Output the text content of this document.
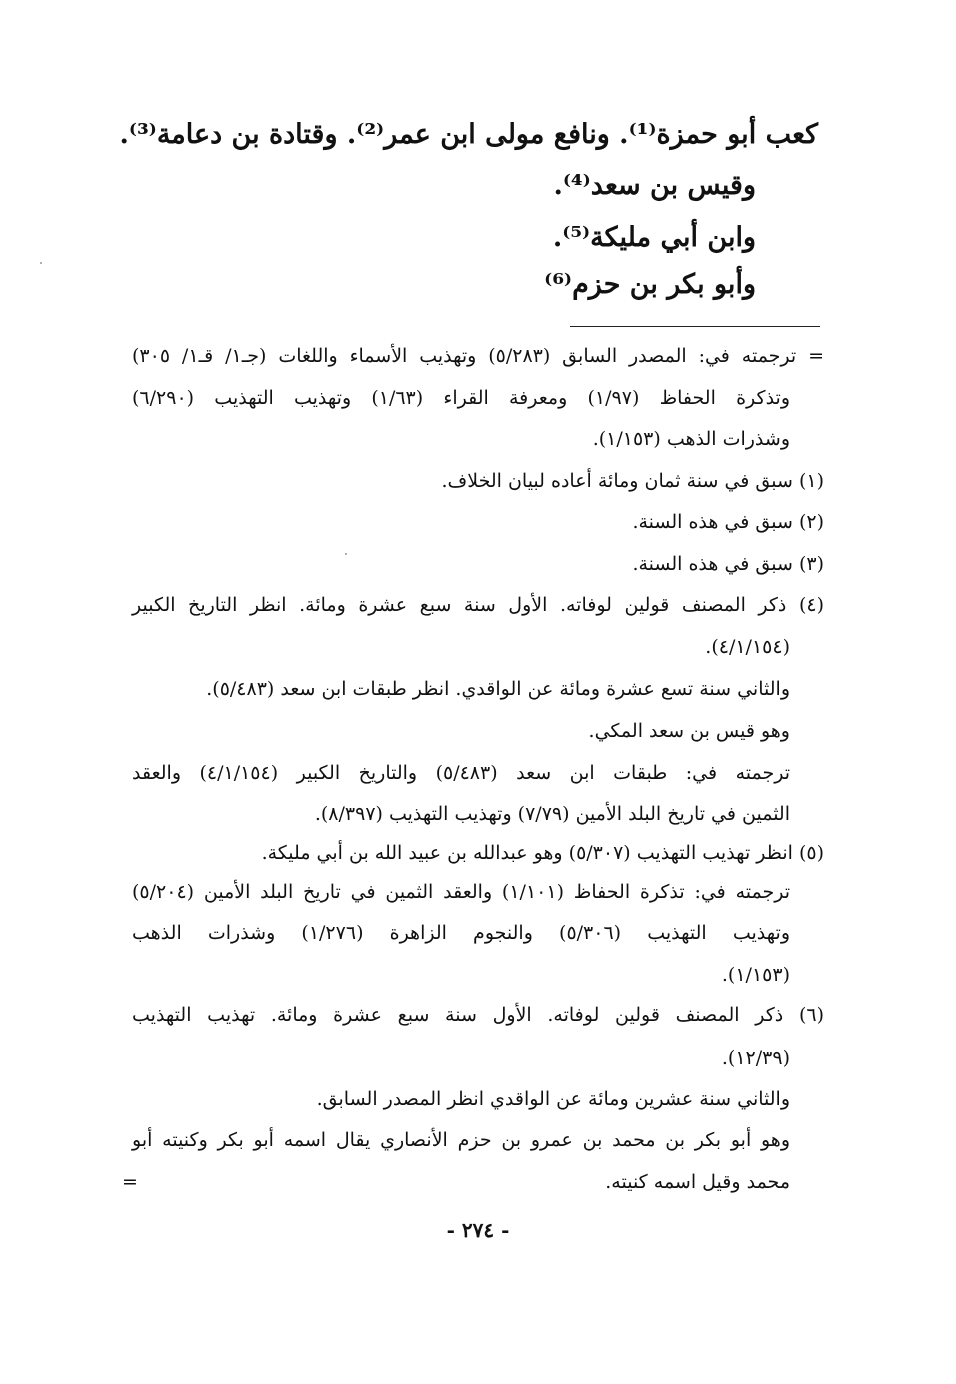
كعب أبو حمزة⁽¹⁾. ونافع مولى ابن عمر⁽²⁾. وقتادة بن دعامة⁽³⁾.
وقيس بن سعد⁽⁴⁾.
وابن أبي مليكة⁽⁵⁾.
وأبو بكر بن حزم⁽⁶⁾
= ترجمته في: المصدر السابق (٥/٢٨٣) وتهذيب الأسماء واللغات (جـ١/ قـ١/ ٣٠٥)
وتذكرة الحفاظ (١/٩٧) ومعرفة القراء (١/٦٣) وتهذيب التهذيب (٦/٢٩٠)
وشذرات الذهب (١/١٥٣).
(١) سبق في سنة ثمان ومائة أعاده لبيان الخلاف.
(٢) سبق في هذه السنة.
(٣) سبق في هذه السنة.
(٤) ذكر المصنف قولين لوفاته. الأول سنة سبع عشرة ومائة. انظر التاريخ الكبير
(٤/١/١٥٤).
والثاني سنة تسع عشرة ومائة عن الواقدي. انظر طبقات ابن سعد (٥/٤٨٣).
وهو قيس بن سعد المكي.
ترجمته في: طبقات ابن سعد (٥/٤٨٣) والتاريخ الكبير (٤/١/١٥٤) والعقد
الثمين في تاريخ البلد الأمين (٧/٧٩) وتهذيب التهذيب (٨/٣٩٧).
(٥) انظر تهذيب التهذيب (٥/٣٠٧) وهو عبدالله بن عبيد الله بن أبي مليكة.
ترجمته في: تذكرة الحفاظ (١/١٠١) والعقد الثمين في تاريخ البلد الأمين (٥/٢٠٤)
وتهذيب التهذيب (٥/٣٠٦) والنجوم الزاهرة (١/٢٧٦) وشذرات الذهب
(١/١٥٣).
(٦) ذكر المصنف قولين لوفاته. الأول سنة سبع عشرة ومائة. تهذيب التهذيب
(١٢/٣٩).
والثاني سنة عشرين ومائة عن الواقدي انظر المصدر السابق.
وهو أبو بكر بن محمد بن عمرو بن حزم الأنصاري يقال اسمه أبو بكر وكنيته أبو
محمد وقيل اسمه كنيته.
=
- ٢٧٤ -
